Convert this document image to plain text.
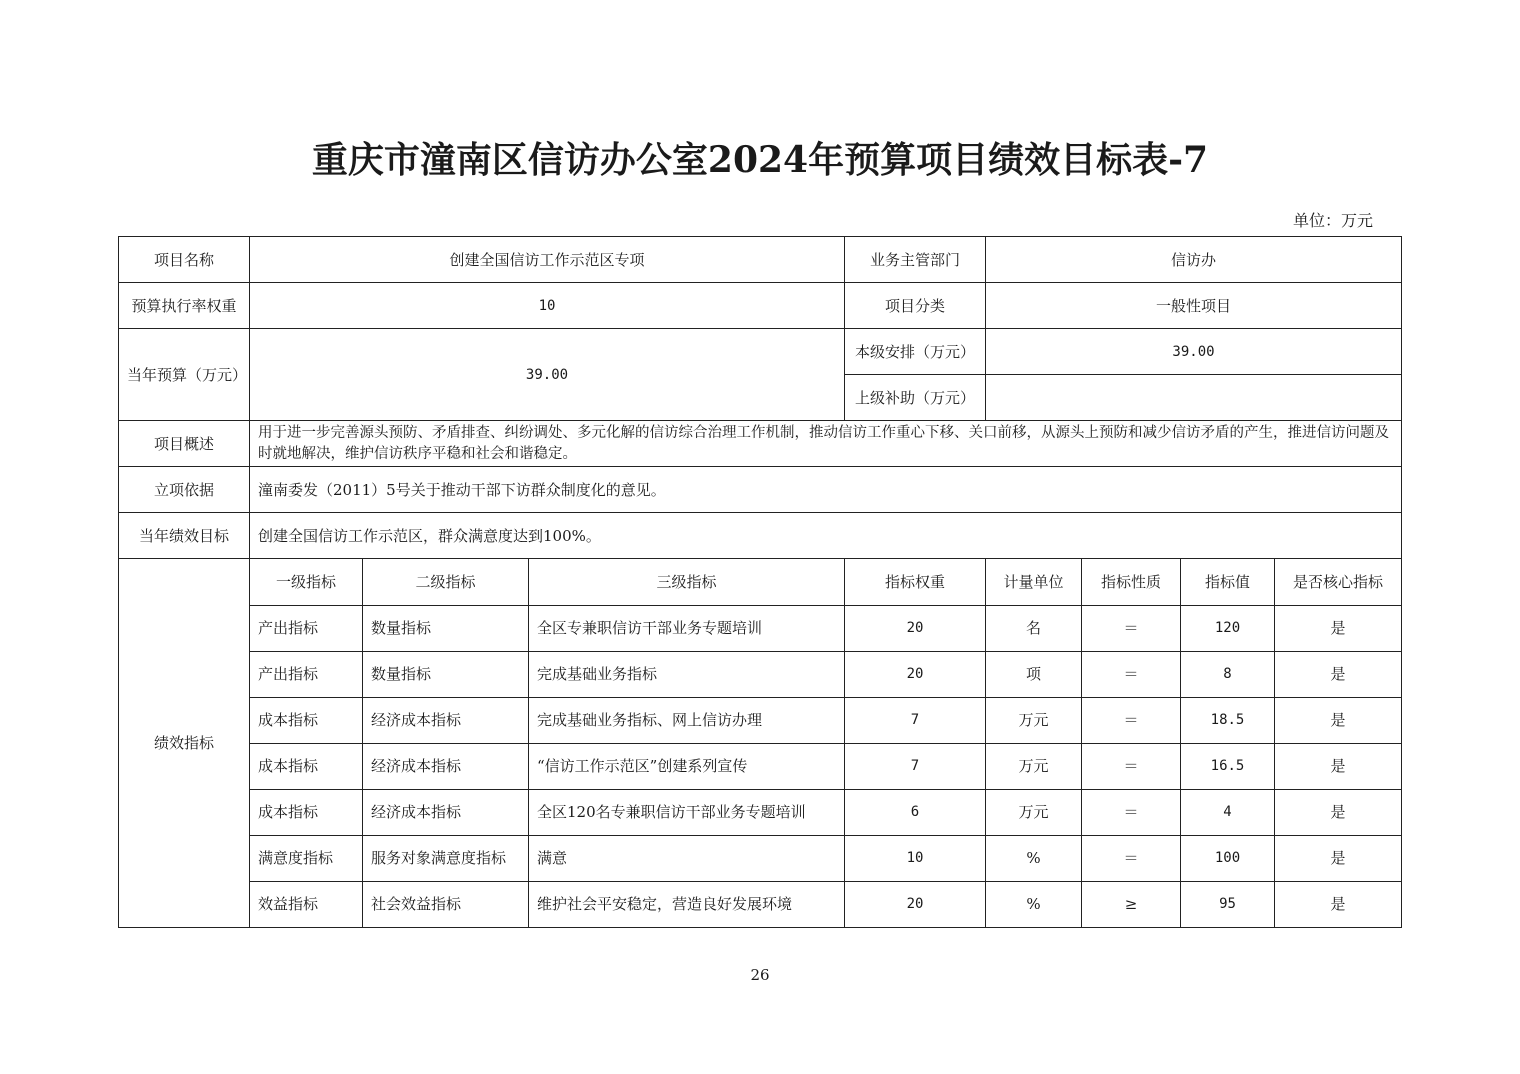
重庆市潼南区信访办公室2024年预算项目绩效目标表-7
单位：万元
项目名称	创建全国信访工作示范区专项			业务主管部门	信访办			
预算执行率权重	10			项目分类	一般性项目			
当年预算（万元）	39.00			本级安排（万元）	39.00			
				上级补助（万元）				
项目概述	用于进一步完善源头预防、矛盾排查、纠纷调处、多元化解的信访综合治理工作机制，推动信访工作重心下移、关口前移，从源头上预防和减少信访矛盾的产生，推进信访问题及时就地解决，维护信访秩序平稳和社会和谐稳定。							
立项依据	潼南委发（2011）5号关于推动干部下访群众制度化的意见。							
当年绩效目标	创建全国信访工作示范区，群众满意度达到100%。							
绩效指标	一级指标	二级指标	三级指标	指标权重	计量单位	指标性质	指标值	是否核心指标
	产出指标	数量指标	全区专兼职信访干部业务专题培训	20	名	＝	120	是
	产出指标	数量指标	完成基础业务指标	20	项	＝	8	是
	成本指标	经济成本指标	完成基础业务指标、网上信访办理	7	万元	＝	18.5	是
	成本指标	经济成本指标	“信访工作示范区”创建系列宣传	7	万元	＝	16.5	是
	成本指标	经济成本指标	全区120名专兼职信访干部业务专题培训	6	万元	＝	4	是
	满意度指标	服务对象满意度指标	满意	10	%	＝	100	是
	效益指标	社会效益指标	维护社会平安稳定，营造良好发展环境	20	%	≥	95	是
26
